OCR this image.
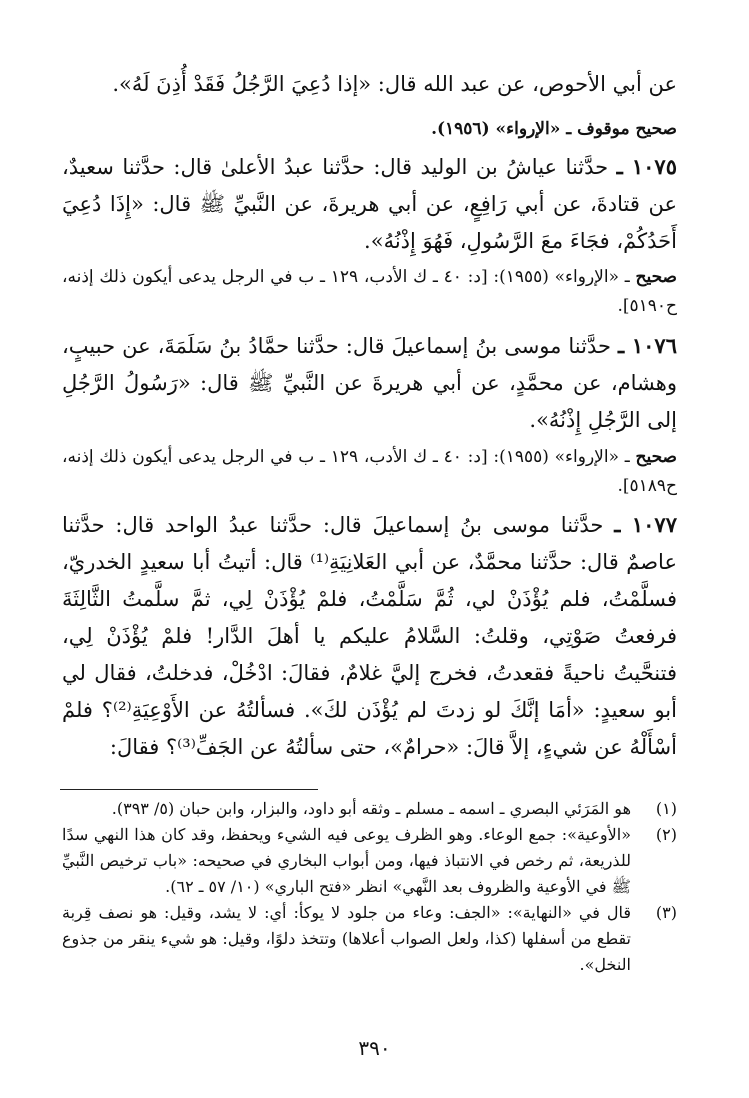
عن أبي الأحوص، عن عبد الله قال: «إذا دُعِيَ الرَّجُلُ فَقَدْ أُذِنَ لَهُ».
صحيح موقوف ـ «الإرواء» (١٩٥٦).
١٠٧٥ ـ حدَّثنا عياشُ بن الوليد قال: حدَّثنا عبدُ الأعلىٰ قال: حدَّثنا سعيدٌ، عن قتادةَ، عن أبي رَافِعٍ، عن أبي هريرةَ، عن النَّبيِّ ﷺ قال: «إِذَا دُعِيَ أَحَدُكُمْ، فجَاءَ معَ الرَّسُولِ، فَهُوَ إِذْنُهُ».
صحيح ـ «الإرواء» (١٩٥٥): [د: ٤٠ ـ ك الأدب، ١٢٩ ـ ب في الرجل يدعى أيكون ذلك إذنه، ح٥١٩٠].
١٠٧٦ ـ حدَّثنا موسى بنُ إسماعيلَ قال: حدَّثنا حمَّادُ بنُ سَلَمَةَ، عن حبيبٍ، وهشام، عن محمَّدٍ، عن أبي هريرةَ عن النَّبيِّ ﷺ قال: «رَسُولُ الرَّجُلِ إلى الرَّجُلِ إِذْنُهُ».
صحيح ـ «الإرواء» (١٩٥٥): [د: ٤٠ ـ ك الأدب، ١٢٩ ـ ب في الرجل يدعى أيكون ذلك إذنه، ح٥١٨٩].
١٠٧٧ ـ حدَّثنا موسى بنُ إسماعيلَ قال: حدَّثنا عبدُ الواحد قال: حدَّثنا عاصمٌ قال: حدَّثنا محمَّدٌ، عن أبي العَلانِيَةِ⁽¹⁾ قال: أتيتُ أبا سعيدٍ الخدريّ، فسلَّمْتُ، فلم يُؤْذَنْ لي، ثُمَّ سَلَّمْتُ، فلمْ يُؤْذَنْ لِي، ثمَّ سلَّمتُ الثَّالِثَةَ فرفعتُ صَوْتِي، وقلتُ: السَّلامُ عليكم يا أهلَ الدَّار! فلمْ يُؤْذَنْ لِي، فتنحَّيتُ ناحيةً فقعدتُ، فخرج إليَّ غلامٌ، فقالَ: ادْخُلْ، فدخلتُ، فقال لي أبو سعيدٍ: «أمَا إنَّكَ لو زدتَ لم يُؤْذَن لكَ». فسألتُهُ عن الأَوْعِيَةِ⁽²⁾؟ فلمْ أسْأَلْهُ عن شيءٍ، إلاَّ قالَ: «حرامٌ»، حتى سألتُهُ عن الجَفِّ⁽³⁾؟ فقالَ:
(١)
هو المَرَئي البصري ـ اسمه ـ مسلم ـ وثقه أبو داود، والبزار، وابن حبان (٥/ ٣٩٣).
(٢)
«الأوعية»: جمع الوعاء. وهو الظرف يوعى فيه الشيء ويحفظ، وقد كان هذا النهي سدًا للذريعة، ثم رخص في الانتباذ فيها، ومن أبواب البخاري في صحيحه: «باب ترخيص النَّبيِّ ﷺ في الأوعية والظروف بعد النَّهي» انظر «فتح الباري» (١٠/ ٥٧ ـ ٦٢).
(٣)
قال في «النهاية»: «الجف: وعاء من جلود لا يوكأ: أي: لا يشد، وقيل: هو نصف قِربة تقطع من أسفلها (كذا، ولعل الصواب أعلاها) وتتخذ دلوًا، وقيل: هو شيء ينقر من جذوع النخل».
٣٩٠
